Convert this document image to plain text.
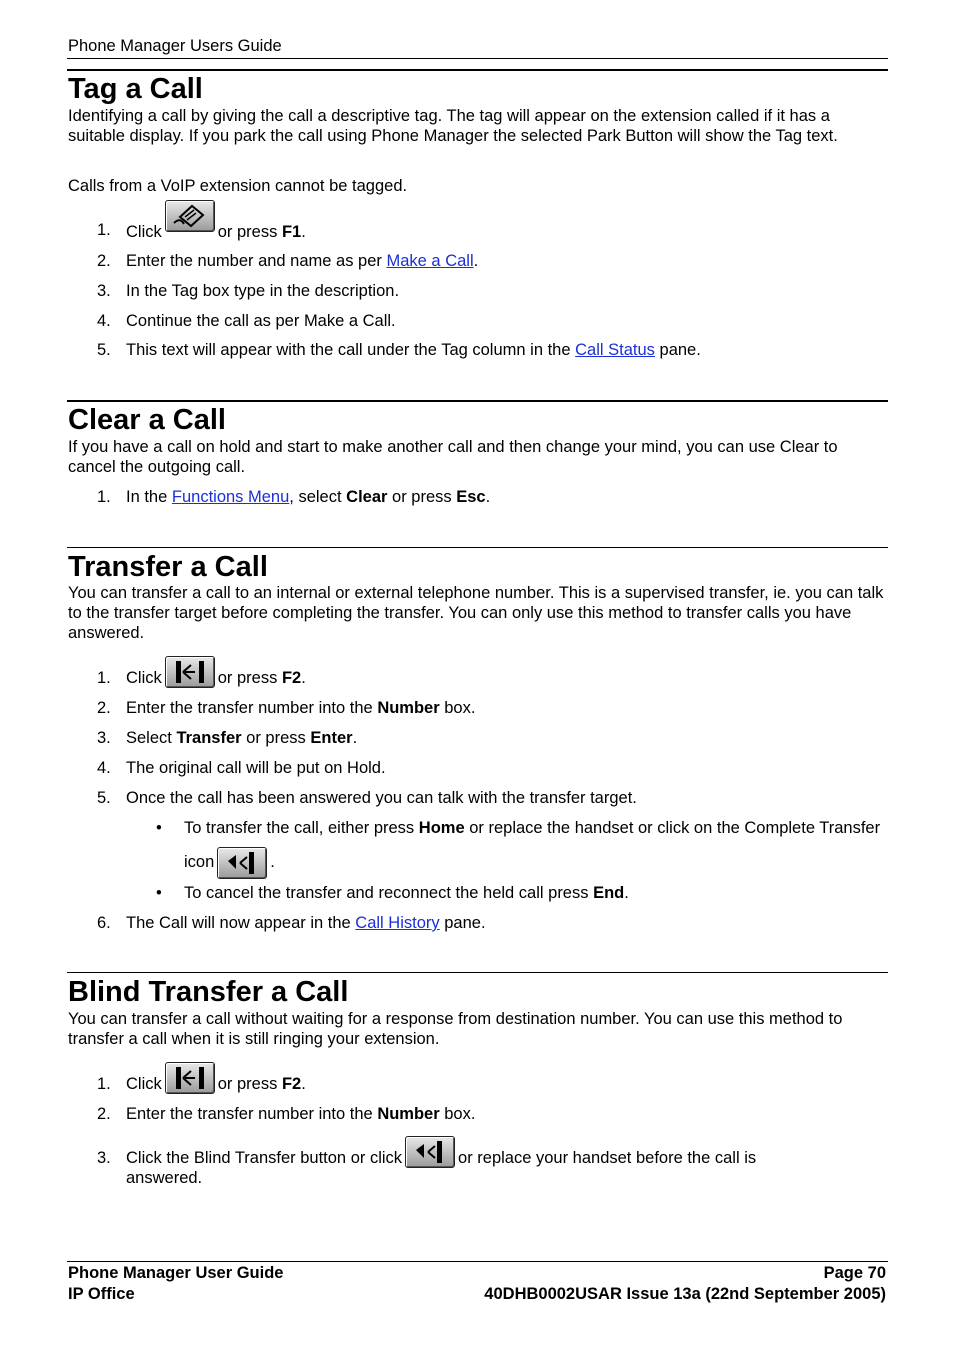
Phone Manager Users Guide
Tag a Call

Identifying a call by giving the call a descriptive tag. The tag will appear on the extension called if it has a suitable display. If you park the call using Phone Manager the selected Park Button will show the Tag text.

Calls from a VoIP extension cannot be tagged.

1. Click	or press F1.
2. Enter the number and name as per Make a Call.
3. In the Tag box type in the description.
4. Continue the call as per Make a Call.
5. This text will appear with the call under the Tag column in the Call Status pane.
Clear a Call

If you have a call on hold and start to make another call and then change your mind, you can use Clear to cancel the outgoing call.

1. In the Functions Menu, select Clear or press Esc.
Transfer a Call

You can transfer a call to an internal or external telephone number. This is a supervised transfer, ie. you can talk to the transfer target before completing the transfer. You can only use this method to transfer calls you have answered.

1. Click	or press F2.
2. Enter the transfer number into the Number box.
3. Select Transfer or press Enter.
4. The original call will be put on Hold.
5. Once the call has been answered you can talk with the transfer target.
• To transfer the call, either press Home or replace the handset or click on the Complete Transfer icon	.
• To cancel the transfer and reconnect the held call press End.
6. The Call will now appear in the Call History pane.
Blind Transfer a Call

You can transfer a call without waiting for a response from destination number. You can use this method to transfer a call when it is still ringing your extension.

1. Click	or press F2.
2. Enter the transfer number into the Number box.
3. Click the Blind Transfer button or click	or replace your handset before the call is answered.
Phone Manager User Guide	Page 70
IP Office	40DHB0002USAR Issue 13a (22nd September 2005)
